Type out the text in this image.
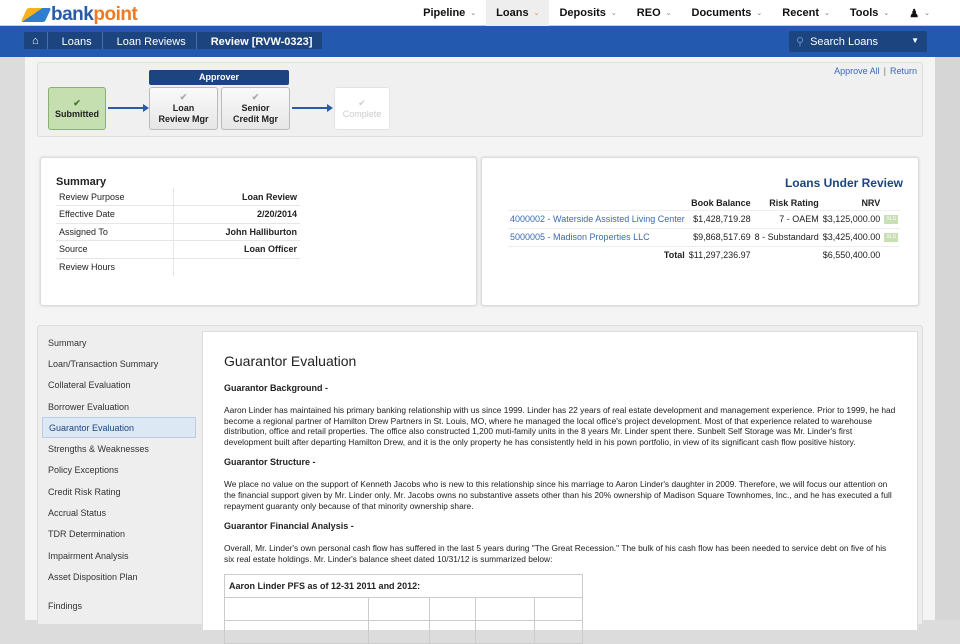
bank point	Pipeline ⌄ Loans ⌄ Deposits ⌄ REO ⌄ Documents ⌄ Recent ⌄ Tools ⌄ ♟ ⌄
⌂	Loans	Loan Reviews	Review [RVW-0323]	⚲ Search Loans	▼
Approve All | Return
Approver
✔
Submitted
✔
Loan Review Mgr
✔
Senior Credit Mgr
✔
Complete
Summary
Review Purpose	Loan Review
Effective Date	2/20/2014
Assigned To	John Halliburton
Source	Loan Officer
Review Hours	
Loans Under Review
	Book Balance	Risk Rating	NRV	
4000002 - Waterside Assisted Living Center	$1,428,719.28	7 - OAEM	$3,125,000.00	XLS
5000005 - Madison Properties LLC	$9,868,517.69	8 - Substandard	$3,425,400.00	XLS
Total	$11,297,236.97		$6,550,400.00	
Summary
Loan/Transaction Summary
Collateral Evaluation
Borrower Evaluation
Guarantor Evaluation
Strengths & Weaknesses
Policy Exceptions
Credit Risk Rating
Accrual Status
TDR Determination
Impairment Analysis
Asset Disposition Plan
Findings
Guarantor Evaluation
Guarantor Background -

Aaron Linder has maintained his primary banking relationship with us since 1999. Linder has 22 years of real estate development and management experience. Prior to 1999, he had become a regional partner of Hamilton Drew Partners in St. Louis, MO, where he managed the local office's project development. Most of that experience related to warehouse distribution, office and retail properties. The office also constructed 1,200 muti-family units in the 8 years Mr. Linder spent there. Sunbelt Self Storage was Mr. Linder's first development built after departing Hamilton Drew, and it is the only property he has consistently held in his pown portfolio, in view of its significant cash flow positive history.

Guarantor Structure -

We place no value on the support of Kenneth Jacobs who is new to this relationship since his marriage to Aaron Linder's daughter in 2009. Therefore, we will focus our attention on the financial support given by Mr. Linder only. Mr. Jacobs owns no substantive assets other than his 20% ownership of Madison Square Townhomes, Inc., and he has executed a full repayment guaranty only because of that minority ownership share.

Guarantor Financial Analysis -

Overall, Mr. Linder's own personal cash flow has suffered in the last 5 years during "The Great Recession." The bulk of his cash flow has been needed to service debt on five of his six real estate holdings. Mr. Linder's balance sheet dated 10/31/12 is summarized below:

Aaron Linder PFS as of 12-31 2011 and 2012:				
